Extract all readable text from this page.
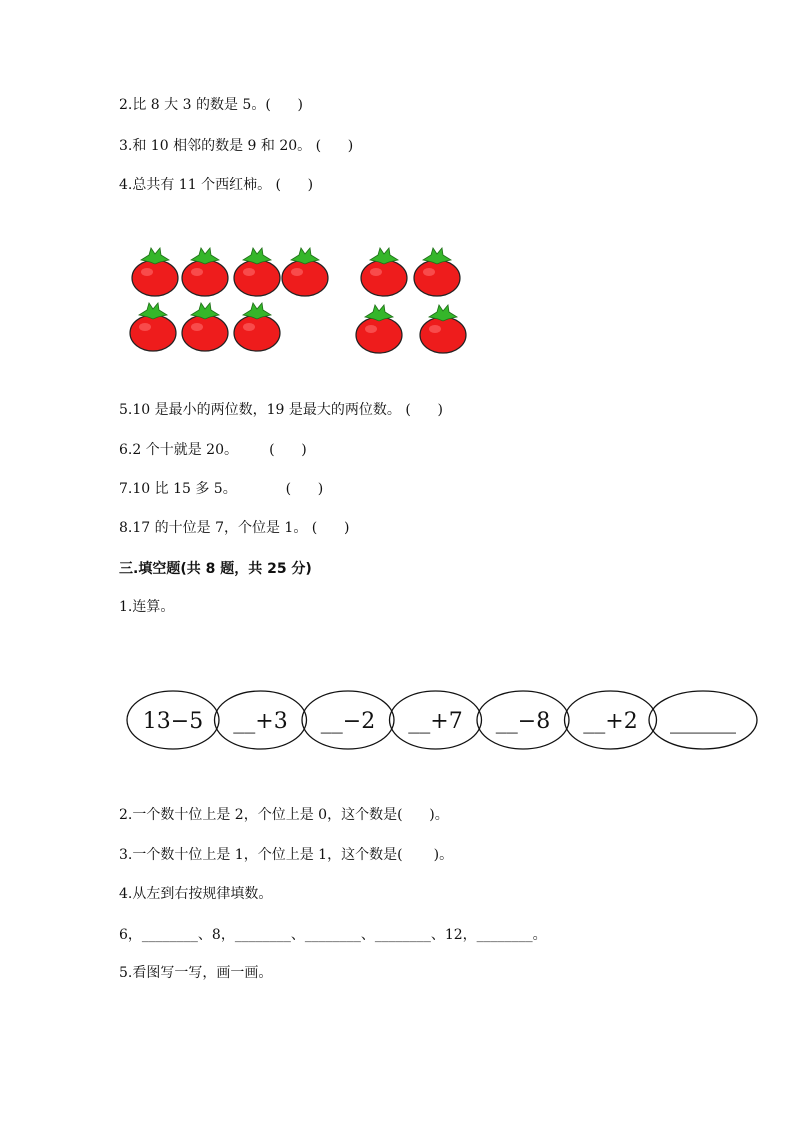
2.比 8 大 3 的数是 5。(      )
3.和 10 相邻的数是 9 和 20。 (      )
4.总共有 11 个西红柿。 (      )
5.10 是最小的两位数，19 是最大的两位数。 (      )
6.2 个十就是 20。       (      )
7.10 比 15 多 5。           (      )
8.17 的十位是 7，个位是 1。 (      )
三.填空题(共 8 题，共 25 分)
1.连算。
13−5 __+3 __−2 __+7 __−8 __+2 ______
2.一个数十位上是 2，个位上是 0，这个数是(      )。
3.一个数十位上是 1，个位上是 1，这个数是(       )。
4.从左到右按规律填数。
6，________、8，________、________、________、12，________。
5.看图写一写，画一画。
